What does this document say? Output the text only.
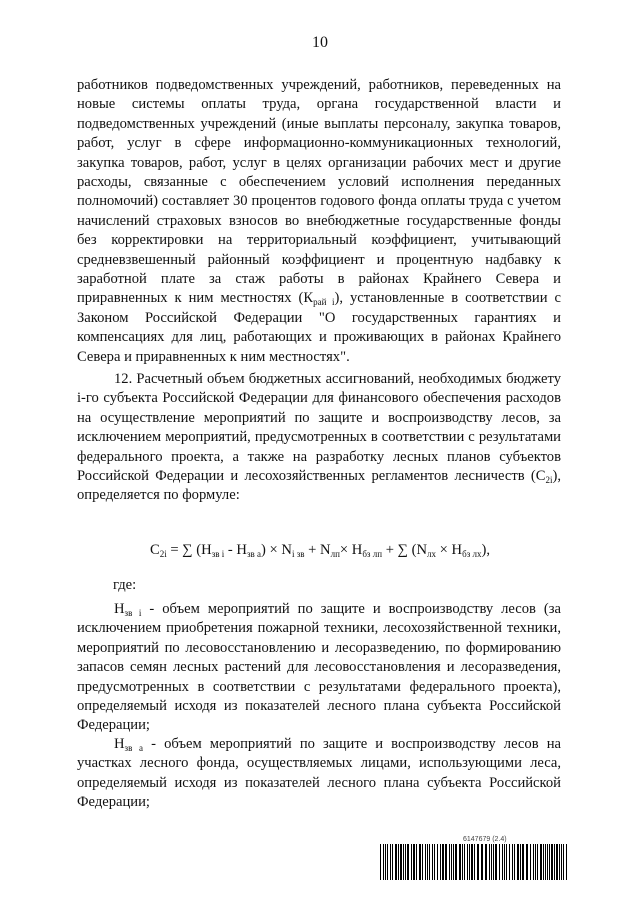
10
работников подведомственных учреждений, работников, переведенных на новые системы оплаты труда, органа государственной власти и подведомственных учреждений (иные выплаты персоналу, закупка товаров, работ, услуг в сфере информационно-коммуникационных технологий, закупка товаров, работ, услуг в целях организации рабочих мест и другие расходы, связанные с обеспечением условий исполнения переданных полномочий) составляет 30 процентов годового фонда оплаты труда с учетом начислений страховых взносов во внебюджетные государственные фонды без корректировки на территориальный коэффициент, учитывающий средневзвешенный районный коэффициент и процентную надбавку к заработной плате за стаж работы в районах Крайнего Севера и приравненных к ним местностях $(К_{рай i})$, установленные в соответствии с Законом Российской Федерации "О государственных гарантиях и компенсациях для лиц, работающих и проживающих в районах Крайнего Севера и приравненных к ним местностях".
12. Расчетный объем бюджетных ассигнований, необходимых бюджету i-го субъекта Российской Федерации для финансового обеспечения расходов на осуществление мероприятий по защите и воспроизводству лесов, за исключением мероприятий, предусмотренных в соответствии с результатами федерального проекта, а также на разработку лесных планов субъектов Российской Федерации и лесохозяйственных регламентов лесничеств $(С_{2i})$, определяется по формуле:
$С_{2i}$ = ∑ $(Н_{зв i} - Н_{зв а}) \times N_{i зв} + N_{лп}\times Н_{бз лп}$ + ∑ $(N_{лх} \times Н_{бз лх})$,
где:
$Н_{зв i}$ - объем мероприятий по защите и воспроизводству лесов (за исключением приобретения пожарной техники, лесохозяйственной техники, мероприятий по лесовосстановлению и лесоразведению, по формированию запасов семян лесных растений для лесовосстановления и лесоразведения, предусмотренных в соответствии с результатами федерального проекта), определяемый исходя из показателей лесного плана субъекта Российской Федерации;
$Н_{зв а}$ - объем мероприятий по защите и воспроизводству лесов на участках лесного фонда, осуществляемых лицами, использующими леса, определяемый исходя из показателей лесного плана субъекта Российской Федерации;
6147679 (2.4)
